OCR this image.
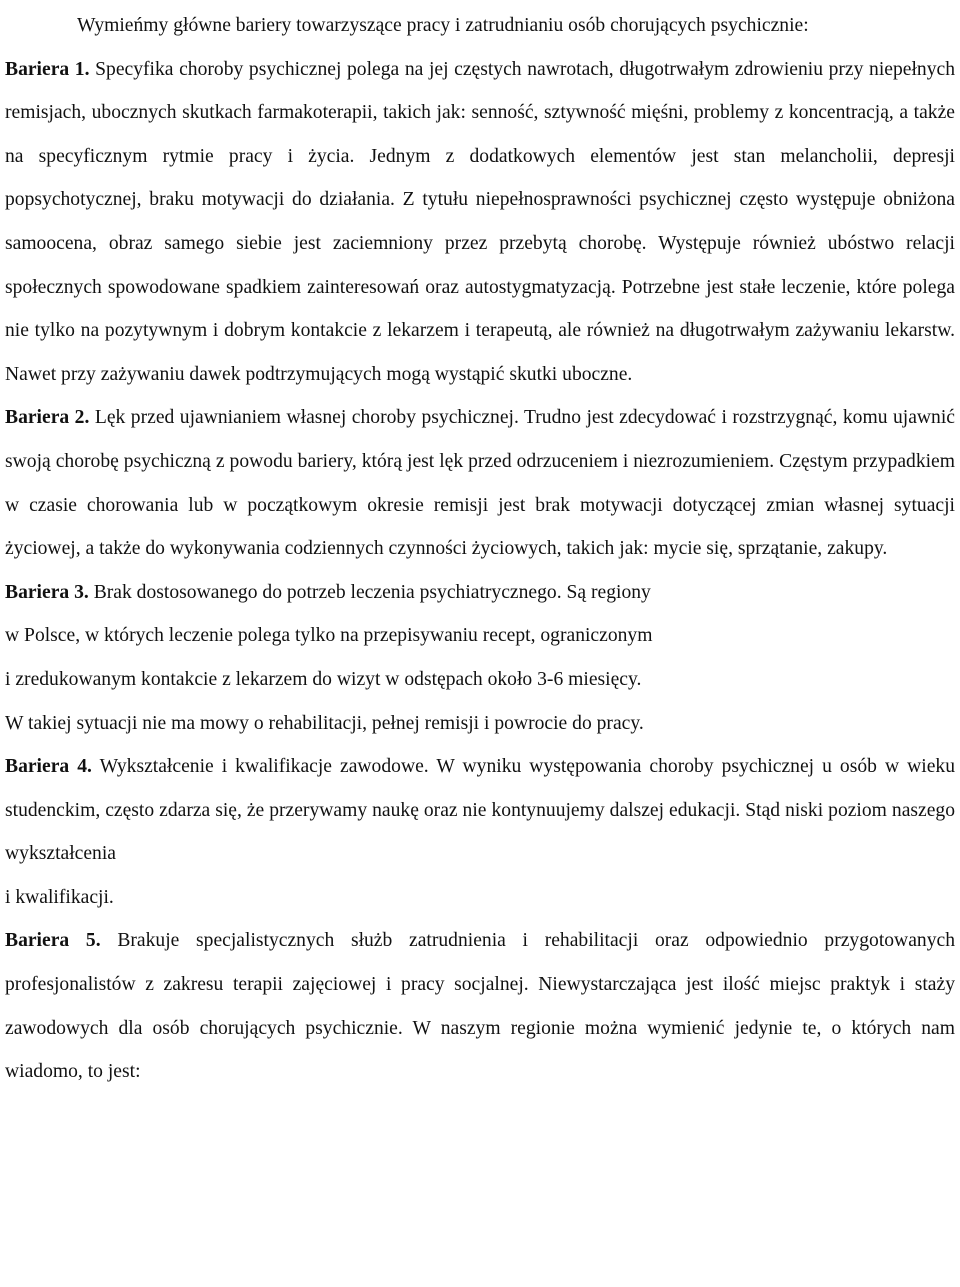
Wymieńmy główne bariery towarzyszące pracy i zatrudnianiu osób chorujących psychicznie:

Bariera 1. Specyfika choroby psychicznej polega na jej częstych nawrotach, długotrwałym zdrowieniu przy niepełnych remisjach, ubocznych skutkach farmakoterapii, takich jak: senność, sztywność mięśni, problemy z koncentracją, a także na specyficznym rytmie pracy i życia. Jednym z dodatkowych elementów jest stan melancholii, depresji popsychotycznej, braku motywacji do działania. Z tytułu niepełnosprawności psychicznej często występuje obniżona samoocena, obraz samego siebie jest zaciemniony przez przebytą chorobę. Występuje również ubóstwo relacji społecznych spowodowane spadkiem zainteresowań oraz autostygmatyzacją. Potrzebne jest stałe leczenie, które polega nie tylko na pozytywnym i dobrym kontakcie z lekarzem i terapeutą, ale również na długotrwałym zażywaniu lekarstw. Nawet przy zażywaniu dawek podtrzymujących mogą wystąpić skutki uboczne.

Bariera 2. Lęk przed ujawnianiem własnej choroby psychicznej. Trudno jest zdecydować i rozstrzygnąć, komu ujawnić swoją chorobę psychiczną z powodu bariery, którą jest lęk przed odrzuceniem i niezrozumieniem. Częstym przypadkiem w czasie chorowania lub w początkowym okresie remisji jest brak motywacji dotyczącej zmian własnej sytuacji życiowej, a także do wykonywania codziennych czynności życiowych, takich jak: mycie się, sprzątanie, zakupy.

Bariera 3. Brak dostosowanego do potrzeb leczenia psychiatrycznego. Są regiony
w Polsce, w których leczenie polega tylko na przepisywaniu recept, ograniczonym
i zredukowanym kontakcie z lekarzem do wizyt w odstępach około 3-6 miesięcy.
W takiej sytuacji nie ma mowy o rehabilitacji, pełnej remisji i powrocie do pracy.

Bariera 4. Wykształcenie i kwalifikacje zawodowe. W wyniku występowania choroby psychicznej u osób w wieku studenckim, często zdarza się, że przerywamy naukę oraz nie kontynuujemy dalszej edukacji. Stąd niski poziom naszego wykształcenia
i kwalifikacji.

Bariera 5. Brakuje specjalistycznych służb zatrudnienia i rehabilitacji oraz odpowiednio przygotowanych profesjonalistów z zakresu terapii zajęciowej i pracy socjalnej. Niewystarczająca jest ilość miejsc praktyk i staży zawodowych dla osób chorujących psychicznie. W naszym regionie można wymienić jedynie te, o których nam wiadomo, to jest:
